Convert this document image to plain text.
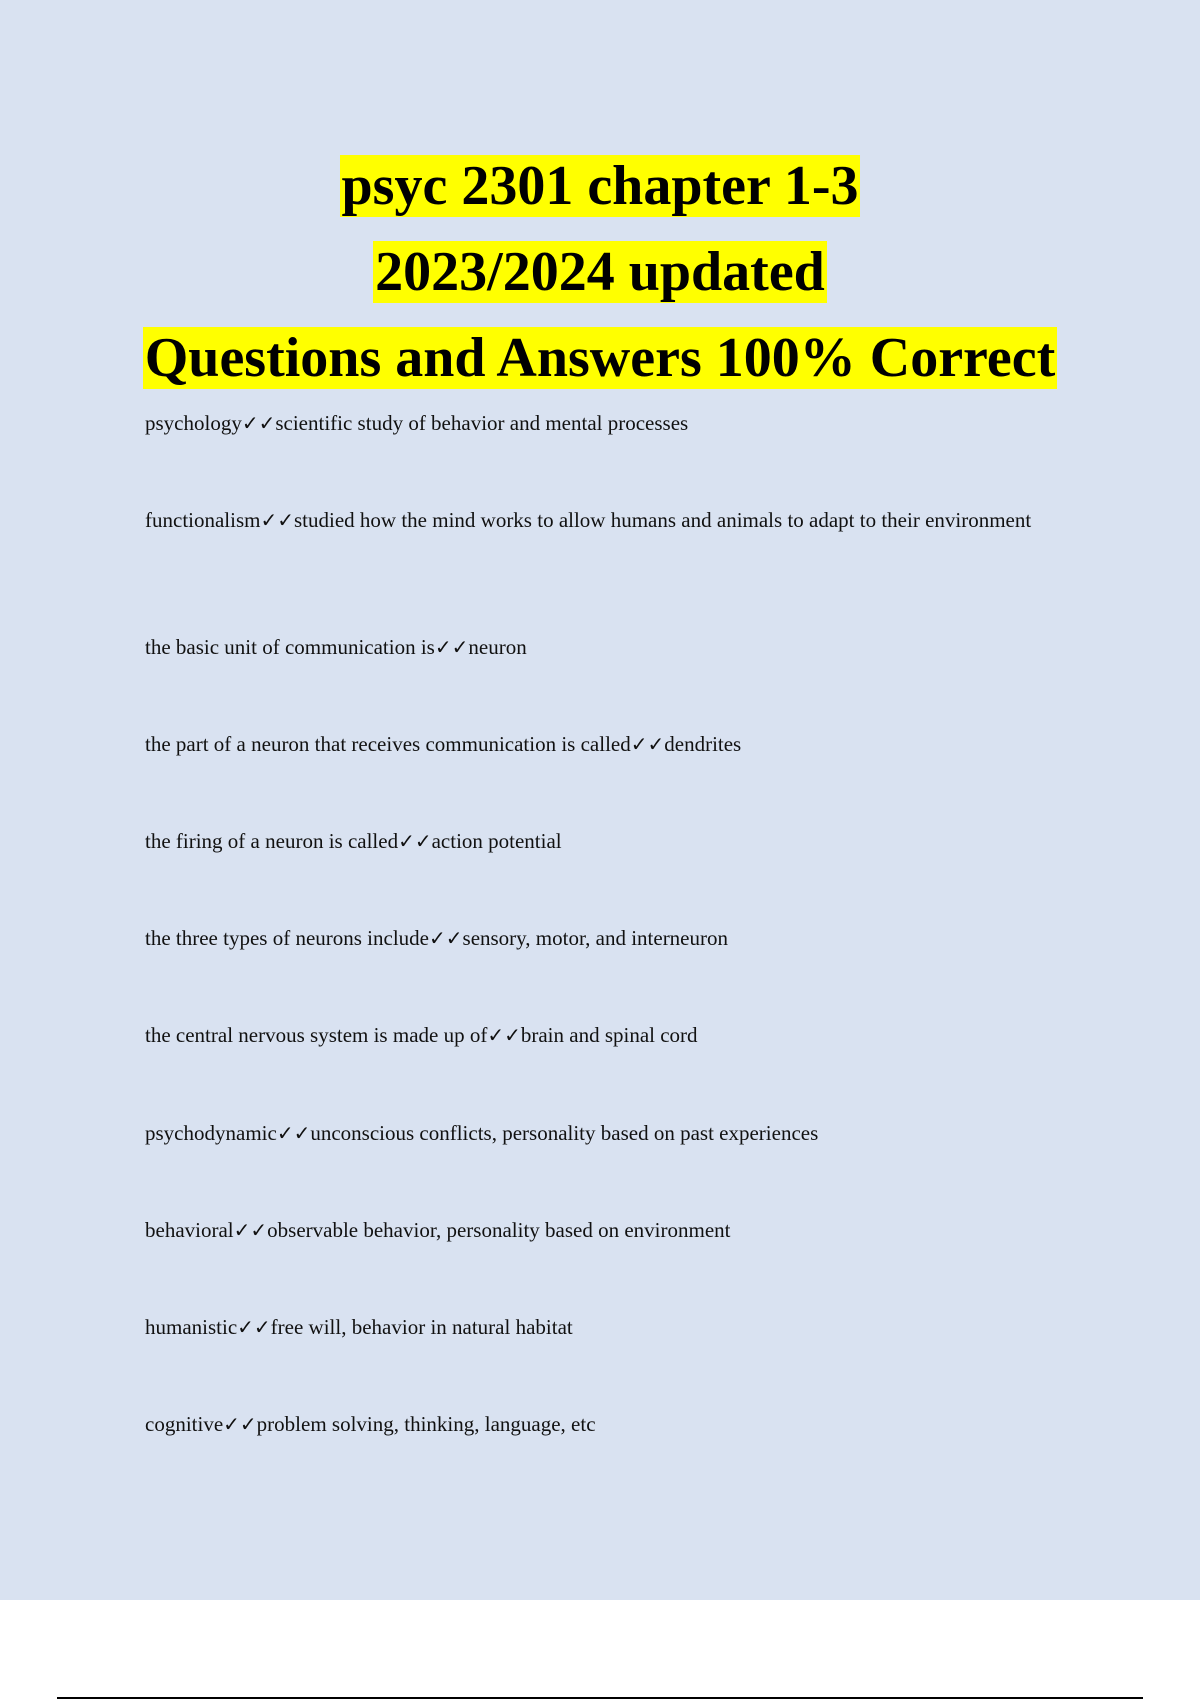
psyc 2301 chapter 1-3
2023/2024 updated
Questions and Answers 100% Correct
psychology✓✓scientific study of behavior and mental processes
functionalism✓✓studied how the mind works to allow humans and animals to adapt to their environment
the basic unit of communication is✓✓neuron
the part of a neuron that receives communication is called✓✓dendrites
the firing of a neuron is called✓✓action potential
the three types of neurons include✓✓sensory, motor, and interneuron
the central nervous system is made up of✓✓brain and spinal cord
psychodynamic✓✓unconscious conflicts, personality based on past experiences
behavioral✓✓observable behavior, personality based on environment
humanistic✓✓free will, behavior in natural habitat
cognitive✓✓problem solving, thinking, language, etc
